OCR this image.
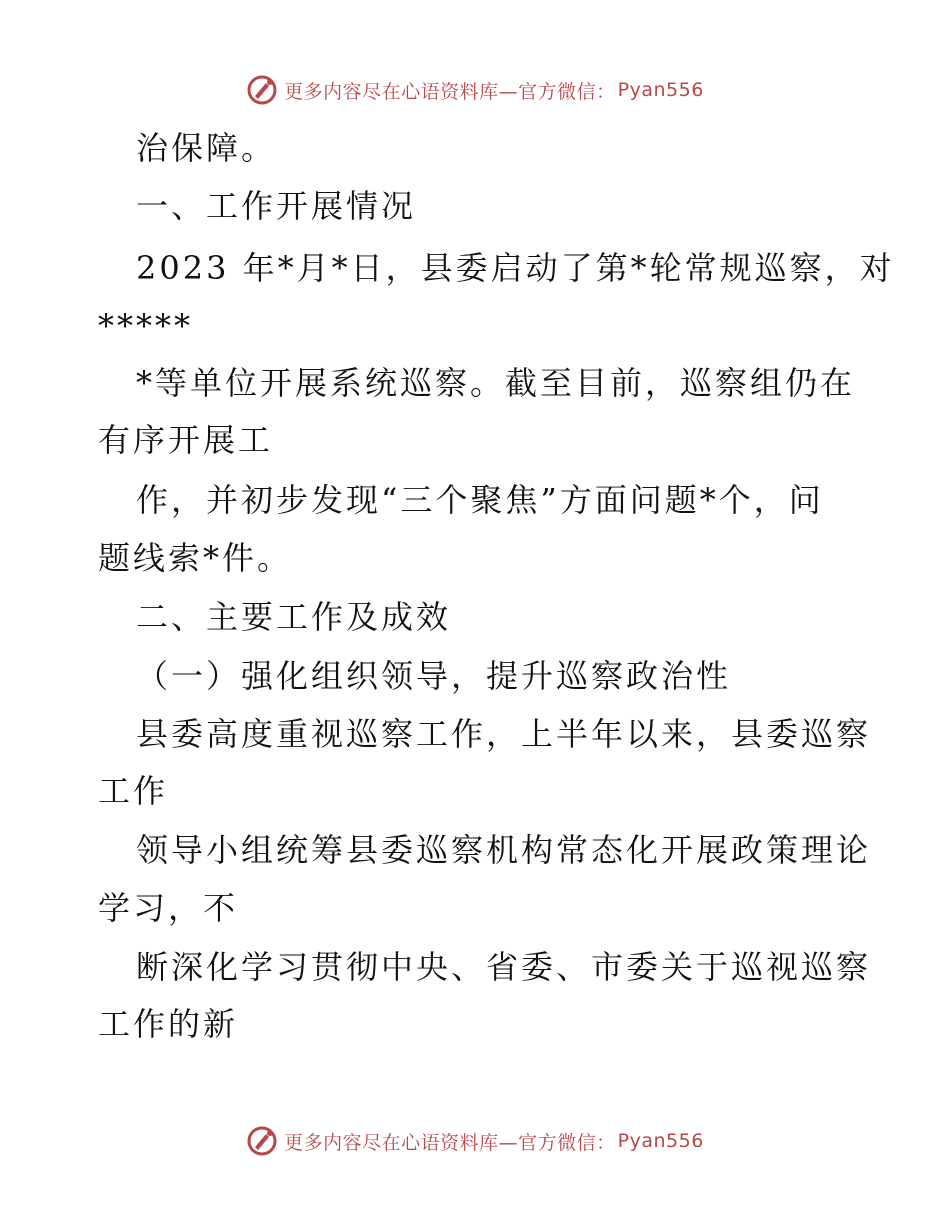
更多内容尽在心语资料库—官方微信： Pyan556
治保障。
一、工作开展情况
2023 年*月*日，县委启动了第*轮常规巡察，对
*****
*等单位开展系统巡察。截至目前，巡察组仍在
有序开展工
作，并初步发现“三个聚焦”方面问题*个，问
题线索*件。
二、主要工作及成效
（一）强化组织领导，提升巡察政治性
县委高度重视巡察工作，上半年以来，县委巡察
工作
领导小组统筹县委巡察机构常态化开展政策理论
学习，不
断深化学习贯彻中央、省委、市委关于巡视巡察
工作的新
更多内容尽在心语资料库—官方微信： Pyan556
